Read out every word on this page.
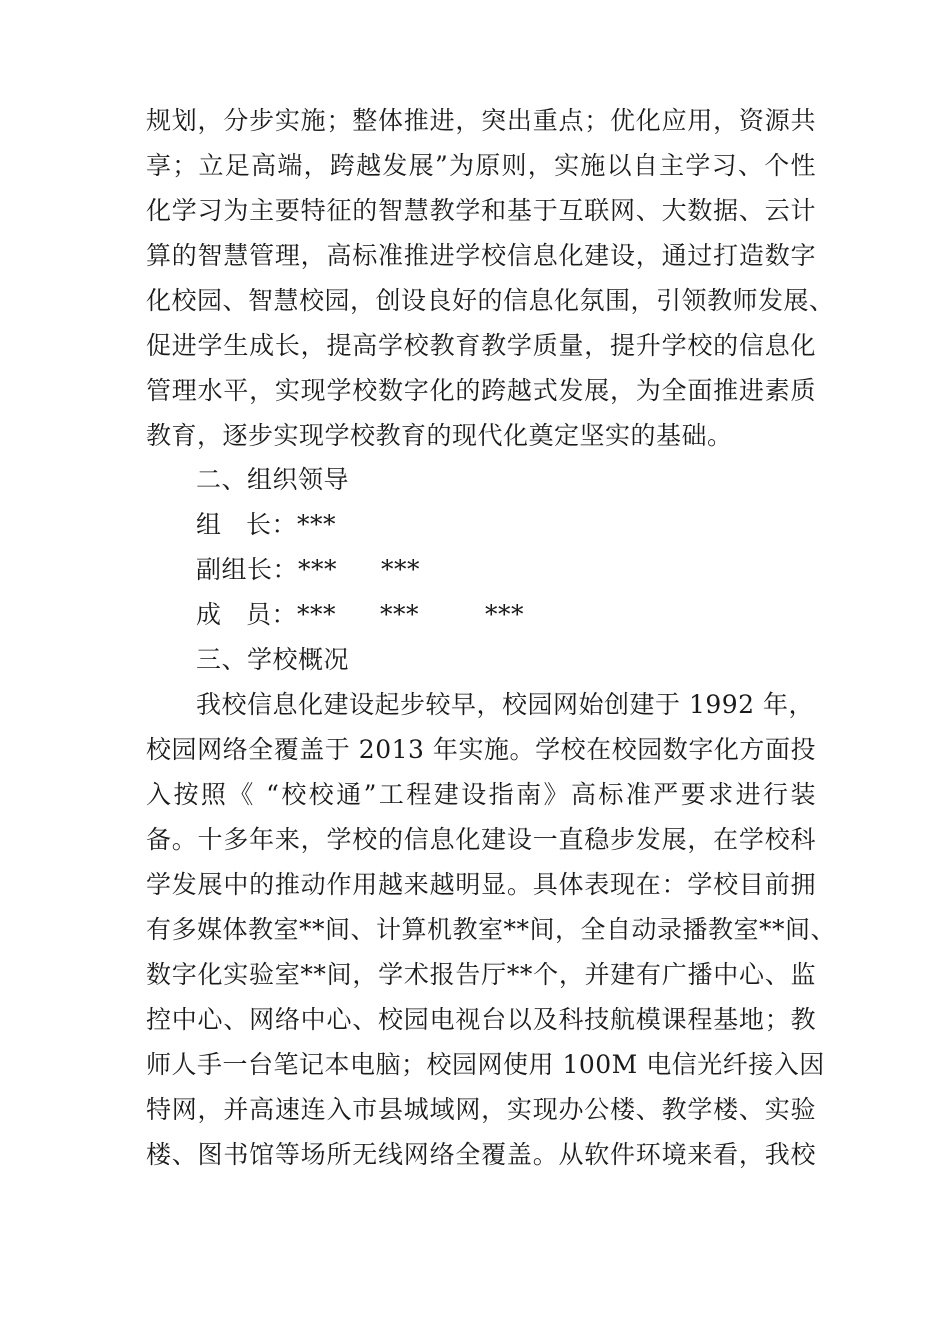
规划，分步实施；整体推进，突出重点；优化应用，资源共
享；立足高端，跨越发展”为原则，实施以自主学习、个性
化学习为主要特征的智慧教学和基于互联网、大数据、云计
算的智慧管理，高标准推进学校信息化建设，通过打造数字
化校园、智慧校园，创设良好的信息化氛围，引领教师发展、
促进学生成长，提高学校教育教学质量，提升学校的信息化
管理水平，实现学校数字化的跨越式发展，为全面推进素质
教育，逐步实现学校教育的现代化奠定坚实的基础。
二、组织领导
组 长：***
副组长：*** ***
成 员：*** ***	***
三、学校概况
我校信息化建设起步较早，校园网始创建于 1992 年，
校园网络全覆盖于 2013 年实施。学校在校园数字化方面投
入按照《 “校校通”工程建设指南》高标准严要求进行装
备。十多年来，学校的信息化建设一直稳步发展，在学校科
学发展中的推动作用越来越明显。具体表现在：学校目前拥
有多媒体教室**间、计算机教室**间，全自动录播教室**间、
数字化实验室**间，学术报告厅**个，并建有广播中心、监
控中心、网络中心、校园电视台以及科技航模课程基地；教
师人手一台笔记本电脑；校园网使用 100M 电信光纤接入因
特网，并高速连入市县城域网，实现办公楼、教学楼、实验
楼、图书馆等场所无线网络全覆盖。从软件环境来看，我校
